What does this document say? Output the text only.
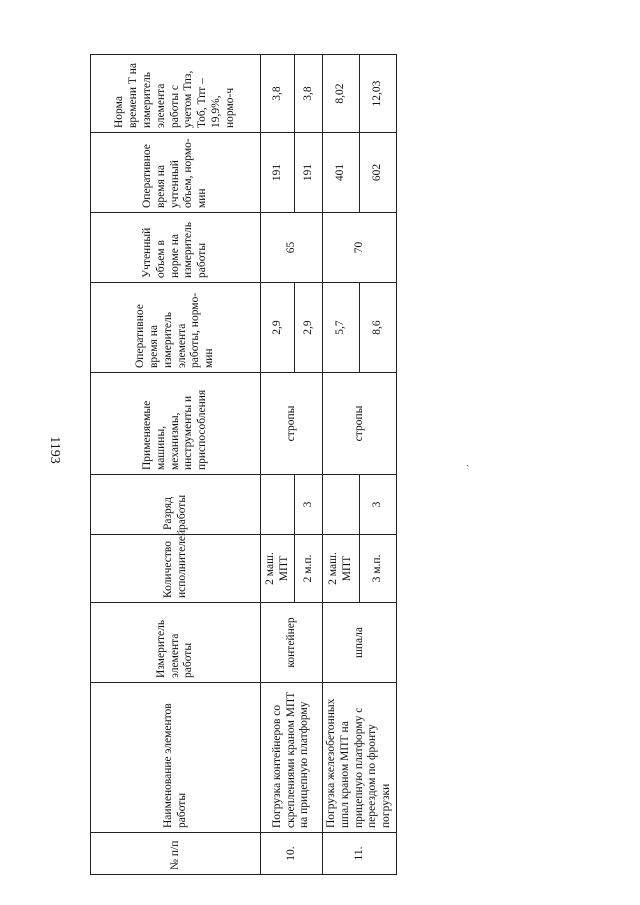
1193	ˎ
№ п/п	Наименование элементов работы	Измеритель элемента работы	Количество исполнителей	Разряд работы	Применяемые машины, механизмы, инструменты и приспособления	Оперативное время на измеритель элемента работы, нормо-мин	Учтенный объем в норме на измеритель работы	Оперативное время на учтенный объем, нормо-мин	Норма времени Т на измеритель элемента работы с учетом Тпз, Тоб, Тпт – 19,9%, нормо-ч
10.	Погрузка контейнеров со скреплениями краном МПТ на прицепную платформу	контейнер	2 маш. МПТ		стропы	2,9	65	191	3,8
			2 м.п.	3		2,9		191	3,8
11.	Погрузка железобетонных шпал краном МПТ на прицепную платформу с переездом по фронту погрузки	шпала	2 маш. МПТ		стропы	5,7	70	401	8,02
			3 м.п.	3		8,6		602	12,03
